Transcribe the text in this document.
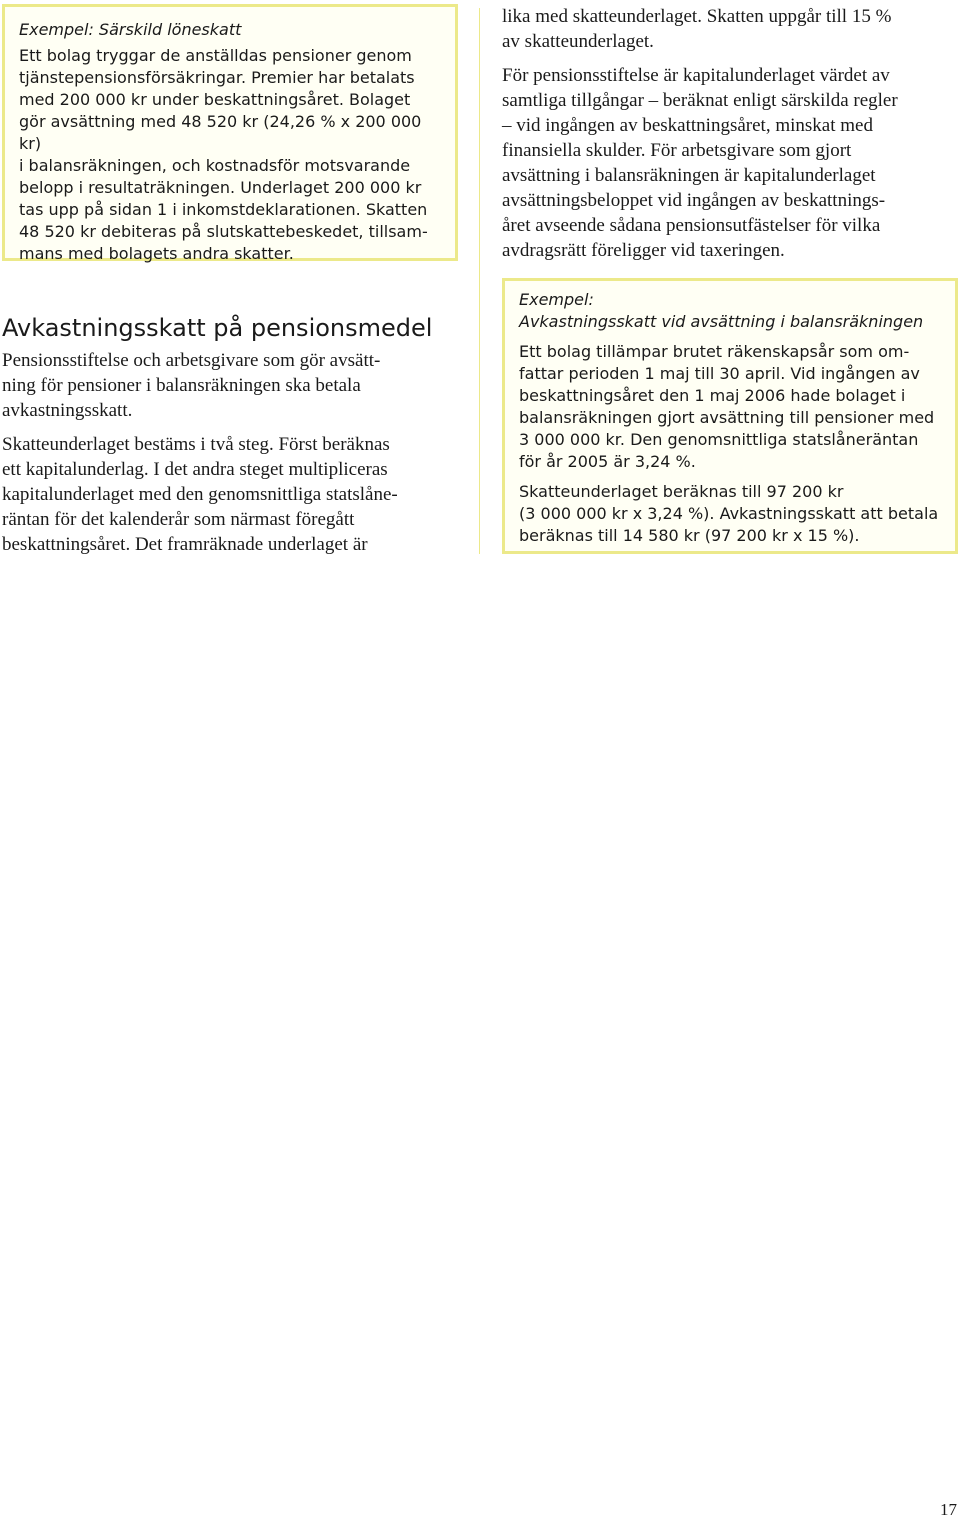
Exempel: Särskild löneskatt

Ett bolag tryggar de anställdas pensioner genom
tjänstepensionsförsäkringar. Premier har betalats
med 200 000 kr under beskattningsåret. Bolaget
gör avsättning med 48 520 kr (24,26 % x 200 000 kr)
i balansräkningen, och kostnadsför motsvarande
belopp i resultaträkningen. Underlaget 200 000 kr
tas upp på sidan 1 i inkomstdeklarationen. Skatten
48 520 kr debiteras på slutskattebeskedet, tillsam-
mans med bolagets andra skatter.

Avkastningsskatt på pensionsmedel

Pensionsstiftelse och arbetsgivare som gör avsätt-
ning för pensioner i balansräkningen ska betala
avkastningsskatt.

Skatteunderlaget bestäms i två steg. Först beräknas
ett kapitalunderlag. I det andra steget multipliceras
kapitalunderlaget med den genomsnittliga statslåne-
räntan för det kalenderår som närmast föregått
beskattningsåret. Det framräknade underlaget är

lika med skatteunderlaget. Skatten uppgår till 15 %
av skatteunderlaget.

För pensionsstiftelse är kapitalunderlaget värdet av
samtliga tillgångar – beräknat enligt särskilda regler
– vid ingången av beskattningsåret, minskat med
finansiella skulder. För arbetsgivare som gjort
avsättning i balansräkningen är kapitalunderlaget
avsättningsbeloppet vid ingången av beskattnings-
året avseende sådana pensionsutfästelser för vilka
avdragsrätt föreligger vid taxeringen.

Exempel:
Avkastningsskatt vid avsättning i balansräkningen

Ett bolag tillämpar brutet räkenskapsår som om-
fattar perioden 1 maj till 30 april. Vid ingången av
beskattningsåret den 1 maj 2006 hade bolaget i
balansräkningen gjort avsättning till pensioner med
3 000 000 kr. Den genomsnittliga statslåneräntan
för år 2005 är 3,24 %.

Skatteunderlaget beräknas till 97 200 kr
(3 000 000 kr x 3,24 %). Avkastningsskatt att betala
beräknas till 14 580 kr (97 200 kr x 15 %).

17
